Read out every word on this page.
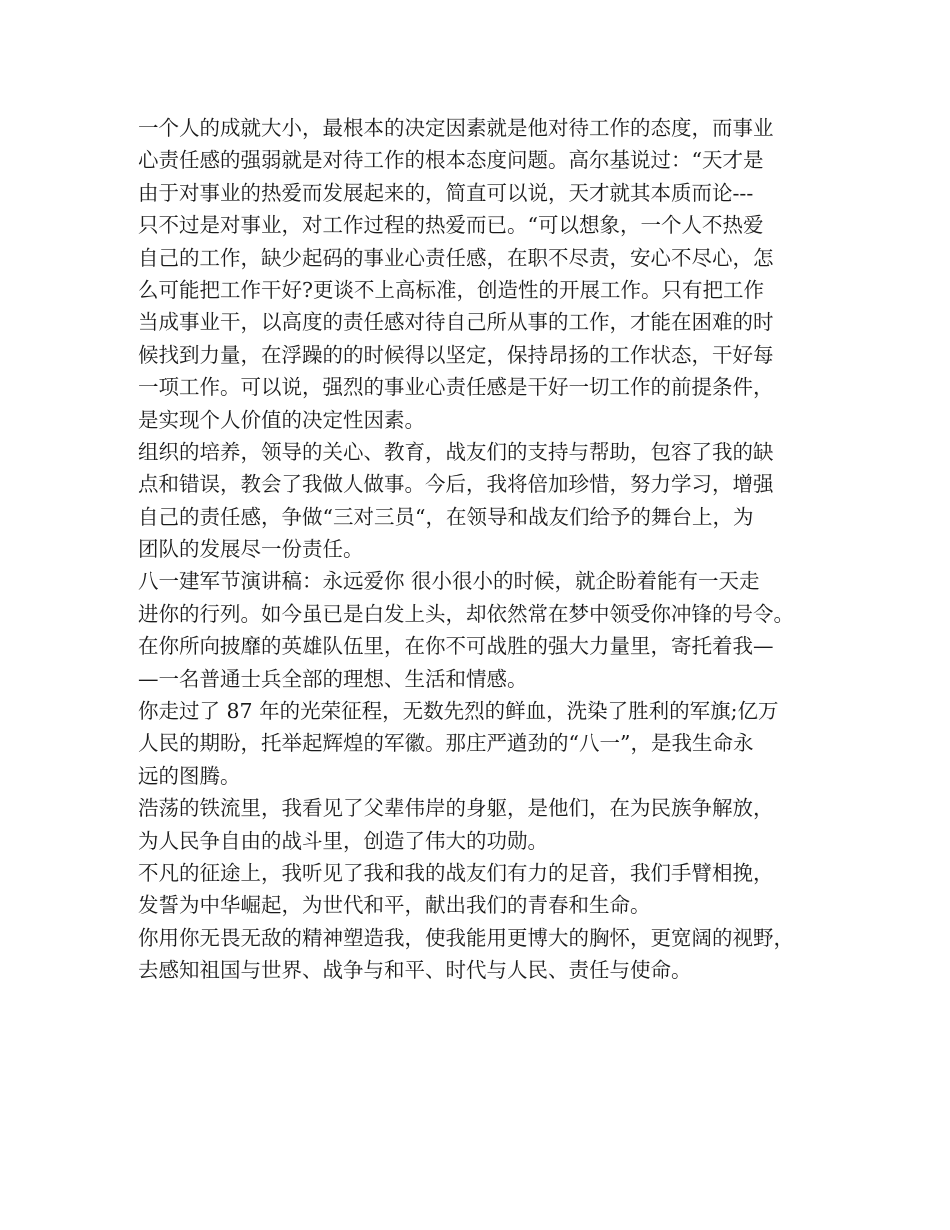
一个人的成就大小，最根本的决定因素就是他对待工作的态度，而事业
心责任感的强弱就是对待工作的根本态度问题。高尔基说过：“天才是
由于对事业的热爱而发展起来的，简直可以说，天才就其本质而论---
只不过是对事业，对工作过程的热爱而已。“可以想象，一个人不热爱
自己的工作，缺少起码的事业心责任感，在职不尽责，安心不尽心，怎
么可能把工作干好?更谈不上高标准，创造性的开展工作。只有把工作
当成事业干，以高度的责任感对待自己所从事的工作，才能在困难的时
候找到力量，在浮躁的的时候得以坚定，保持昂扬的工作状态，干好每
一项工作。可以说，强烈的事业心责任感是干好一切工作的前提条件，
是实现个人价值的决定性因素。
组织的培养，领导的关心、教育，战友们的支持与帮助，包容了我的缺
点和错误，教会了我做人做事。今后，我将倍加珍惜，努力学习，增强
自己的责任感，争做“三对三员“，在领导和战友们给予的舞台上，为
团队的发展尽一份责任。
八一建军节演讲稿：永远爱你 很小很小的时候，就企盼着能有一天走
进你的行列。如今虽已是白发上头，却依然常在梦中领受你冲锋的号令。
在你所向披靡的英雄队伍里，在你不可战胜的强大力量里，寄托着我—
—一名普通士兵全部的理想、生活和情感。
你走过了 87 年的光荣征程，无数先烈的鲜血，洗染了胜利的军旗;亿万
人民的期盼，托举起辉煌的军徽。那庄严遒劲的“八一”，是我生命永
远的图腾。
浩荡的铁流里，我看见了父辈伟岸的身躯，是他们，在为民族争解放，
为人民争自由的战斗里，创造了伟大的功勋。
不凡的征途上，我听见了我和我的战友们有力的足音，我们手臂相挽，
发誓为中华崛起，为世代和平，献出我们的青春和生命。
你用你无畏无敌的精神塑造我，使我能用更博大的胸怀，更宽阔的视野，
去感知祖国与世界、战争与和平、时代与人民、责任与使命。
